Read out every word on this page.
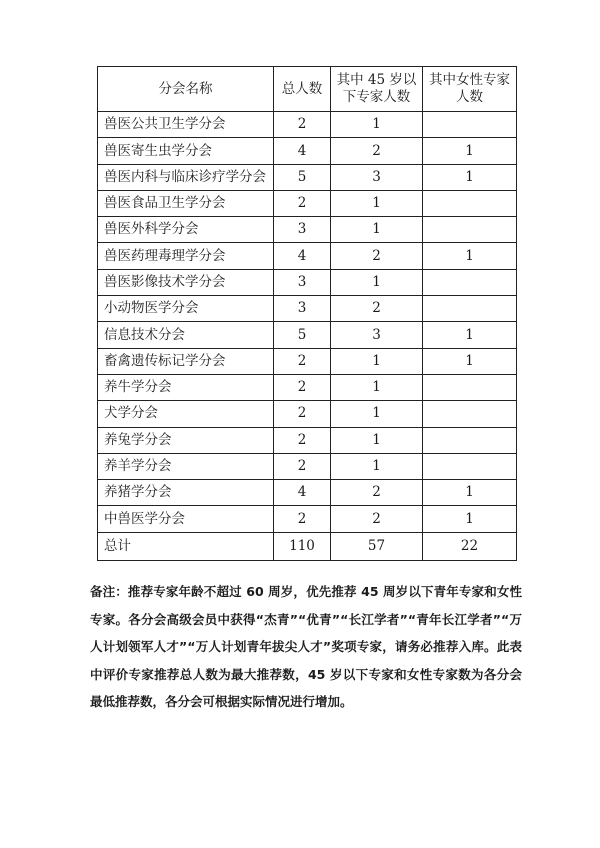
分会名称	总人数	其中 45 岁以下专家人数	其中女性专家人数
兽医公共卫生学分会	2	1	
兽医寄生虫学分会	4	2	1
兽医内科与临床诊疗学分会	5	3	1
兽医食品卫生学分会	2	1	
兽医外科学分会	3	1	
兽医药理毒理学分会	4	2	1
兽医影像技术学分会	3	1	
小动物医学分会	3	2	
信息技术分会	5	3	1
畜禽遗传标记学分会	2	1	1
养牛学分会	2	1	
犬学分会	2	1	
养兔学分会	2	1	
养羊学分会	2	1	
养猪学分会	4	2	1
中兽医学分会	2	2	1
总计	110	57	22

备注：推荐专家年龄不超过 60 周岁，优先推荐 45 周岁以下青年专家和女性专家。各分会高级会员中获得“杰青”“优青”“长江学者”“青年长江学者”“万人计划领军人才”“万人计划青年拔尖人才”奖项专家，请务必推荐入库。此表中评价专家推荐总人数为最大推荐数，45 岁以下专家和女性专家数为各分会最低推荐数，各分会可根据实际情况进行增加。
